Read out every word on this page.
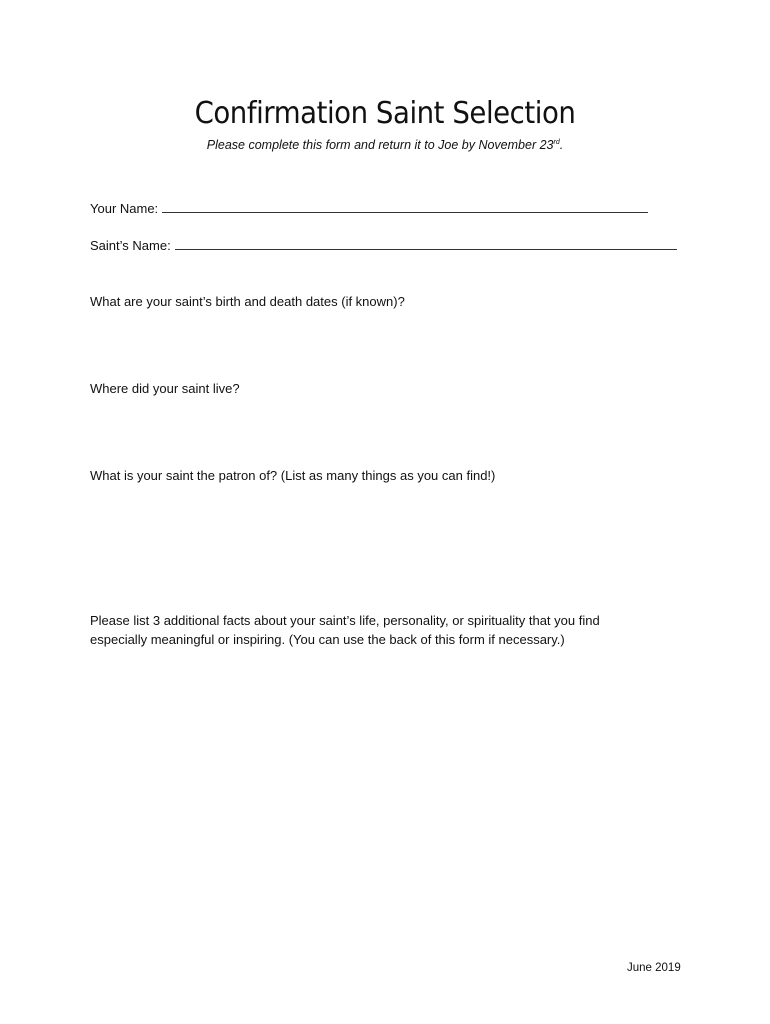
Confirmation Saint Selection

Please complete this form and return it to Joe by November 23rd.

Your Name:
Saint’s Name:

What are your saint’s birth and death dates (if known)?

Where did your saint live?

What is your saint the patron of? (List as many things as you can find!)

Please list 3 additional facts about your saint’s life, personality, or spirituality that you find especially meaningful or inspiring. (You can use the back of this form if necessary.)

June 2019
